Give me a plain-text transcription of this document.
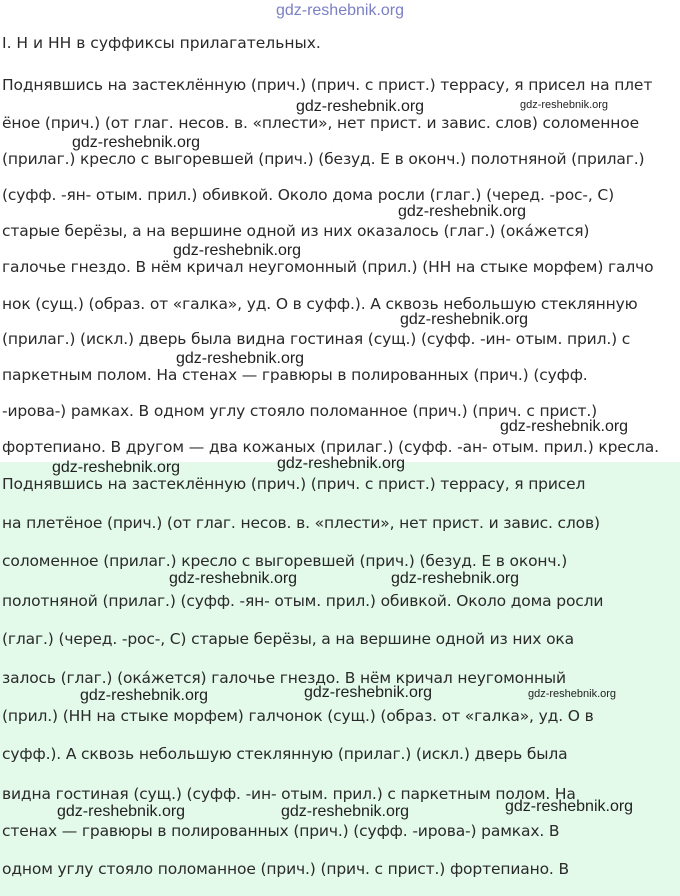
gdz-reshebnik.org
I. Н и НН в суффиксы прилагательных.
Поднявшись на застеклённую (прич.) (прич. с прист.) террасу, я присел на плет
ёное (прич.) (от глаг. несов. в. «плести», нет прист. и завис. слов) соломенное
(прилаг.) кресло с выгоревшей (прич.) (безуд. Е в оконч.) полотняной (прилаг.)
(суфф. -ян- отым. прил.) обивкой. Около дома росли (глаг.) (черед. -рос-, С)
старые берёзы, а на вершине одной из них оказалось (глаг.) (окáжется)
галочье гнездо. В нём кричал неугомонный (прил.) (НН на стыке морфем) галчо
нок (сущ.) (образ. от «галка», уд. О в суфф.). А сквозь небольшую стеклянную
(прилаг.) (искл.) дверь была видна гостиная (сущ.) (суфф. -ин- отым. прил.) с
паркетным полом. На стенах — гравюры в полированных (прич.) (суфф.
-ирова-) рамках. В одном углу стояло поломанное (прич.) (прич. с прист.)
фортепиано. В другом — два кожаных (прилаг.) (суфф. -ан- отым. прил.) кресла.
Поднявшись на застеклённую (прич.) (прич. с прист.) террасу, я присел
на плетёное (прич.) (от глаг. несов. в. «плести», нет прист. и завис. слов)
соломенное (прилаг.) кресло с выгоревшей (прич.) (безуд. Е в оконч.)
полотняной (прилаг.) (суфф. -ян- отым. прил.) обивкой. Около дома росли
(глаг.) (черед. -рос-, С) старые берёзы, а на вершине одной из них ока
залось (глаг.) (окáжется) галочье гнездо. В нём кричал неугомонный
(прил.) (НН на стыке морфем) галчонок (сущ.) (образ. от «галка», уд. О в
суфф.). А сквозь небольшую стеклянную (прилаг.) (искл.) дверь была
видна гостиная (сущ.) (суфф. -ин- отым. прил.) с паркетным полом. На
стенах — гравюры в полированных (прич.) (суфф. -ирова-) рамках. В
одном углу стояло поломанное (прич.) (прич. с прист.) фортепиано. В
gdz-reshebnik.org	gdz-reshebnik.org
gdz-reshebnik.org
gdz-reshebnik.org
gdz-reshebnik.org
gdz-reshebnik.org
gdz-reshebnik.org
gdz-reshebnik.org
gdz-reshebnik.org	gdz-reshebnik.org
gdz-reshebnik.org	gdz-reshebnik.org
gdz-reshebnik.org	gdz-reshebnik.org	gdz-reshebnik.org
gdz-reshebnik.org	gdz-reshebnik.org	gdz-reshebnik.org
